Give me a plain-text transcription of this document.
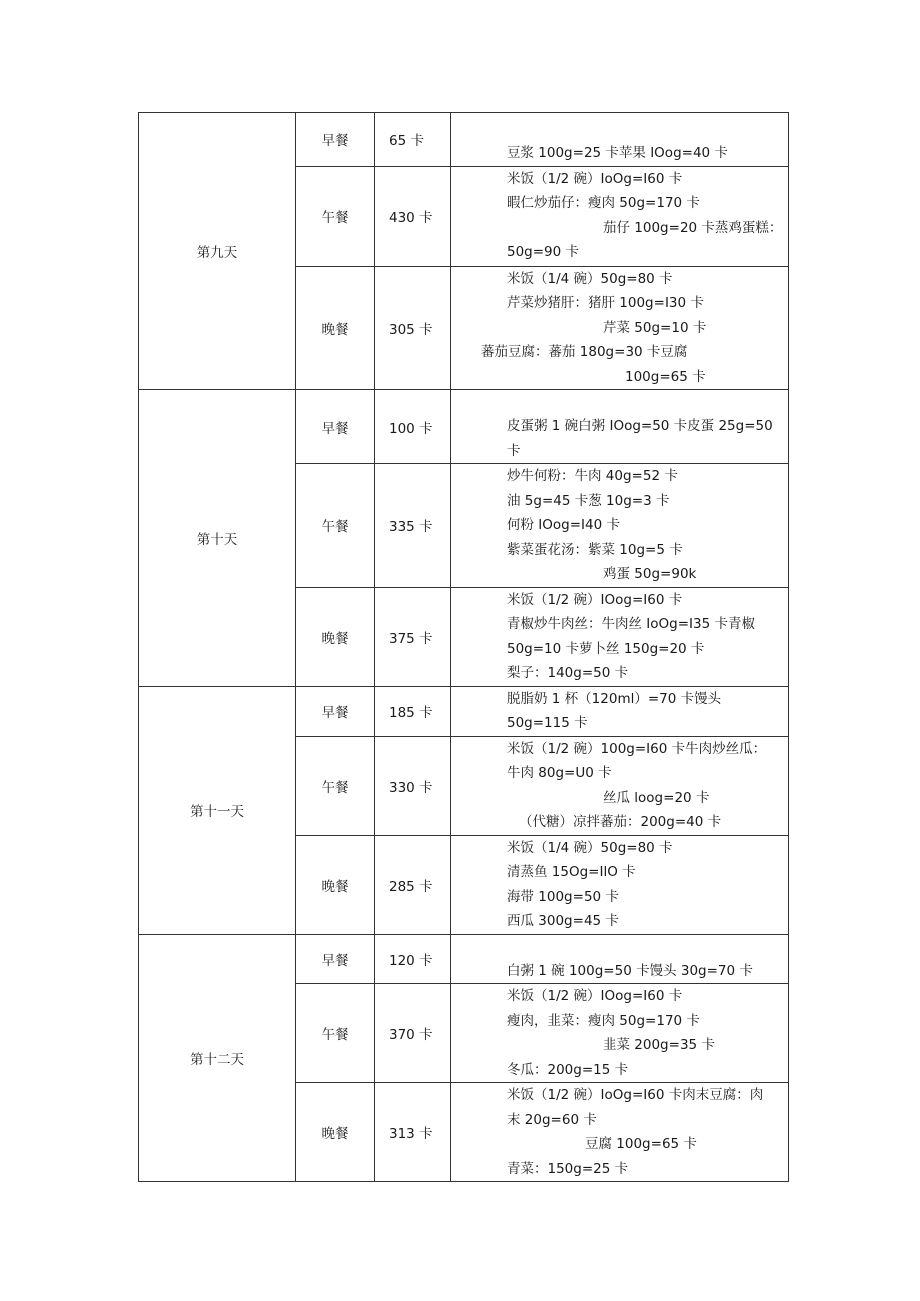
第九天	早餐	65 卡	豆浆 100g=25 卡苹果 IOog=40 卡

	午餐	430 卡	米饭（1/2 碗）IoOg=I60 卡
暇仁炒茄仔：瘦肉 50g=170 卡
茄仔 100g=20 卡蒸鸡蛋糕：
50g=90 卡

	晚餐	305 卡	米饭（1/4 碗）50g=80 卡
芹菜炒猪肝：猪肝 100g=I30 卡
芹菜 50g=10 卡
蕃茄豆腐：蕃茄 180g=30 卡豆腐
100g=65 卡

第十天	早餐	100 卡	皮蛋粥 1 碗白粥 IOog=50 卡皮蛋 25g=50
卡

	午餐	335 卡	炒牛何粉：牛肉 40g=52 卡
油 5g=45 卡葱 10g=3 卡
何粉 IOog=I40 卡
紫菜蛋花汤：紫菜 10g=5 卡
鸡蛋 50g=90k

	晚餐	375 卡	米饭（1/2 碗）IOog=I60 卡
青椒炒牛肉丝：牛肉丝 IoOg=I35 卡青椒
50g=10 卡萝卜丝 150g=20 卡
梨子：140g=50 卡

第十一天	早餐	185 卡	脱脂奶 1 杯（120ml）=70 卡馒头
50g=115 卡

	午餐	330 卡	米饭（1/2 碗）100g=I60 卡牛肉炒丝瓜：
牛肉 80g=U0 卡
丝瓜 loog=20 卡
（代糖）凉拌蕃茄：200g=40 卡

	晚餐	285 卡	米饭（1/4 碗）50g=80 卡
清蒸鱼 15Og=IlO 卡
海带 100g=50 卡
西瓜 300g=45 卡

第十二天	早餐	120 卡	白粥 1 碗 100g=50 卡馒头 30g=70 卡

	午餐	370 卡	米饭（1/2 碗）IOog=I60 卡
瘦肉，韭菜：瘦肉 50g=170 卡
韭菜 200g=35 卡
冬瓜：200g=15 卡

	晚餐	313 卡	米饭（1/2 碗）IoOg=I60 卡肉末豆腐：肉
末 20g=60 卡
豆腐 100g=65 卡
青菜：150g=25 卡
